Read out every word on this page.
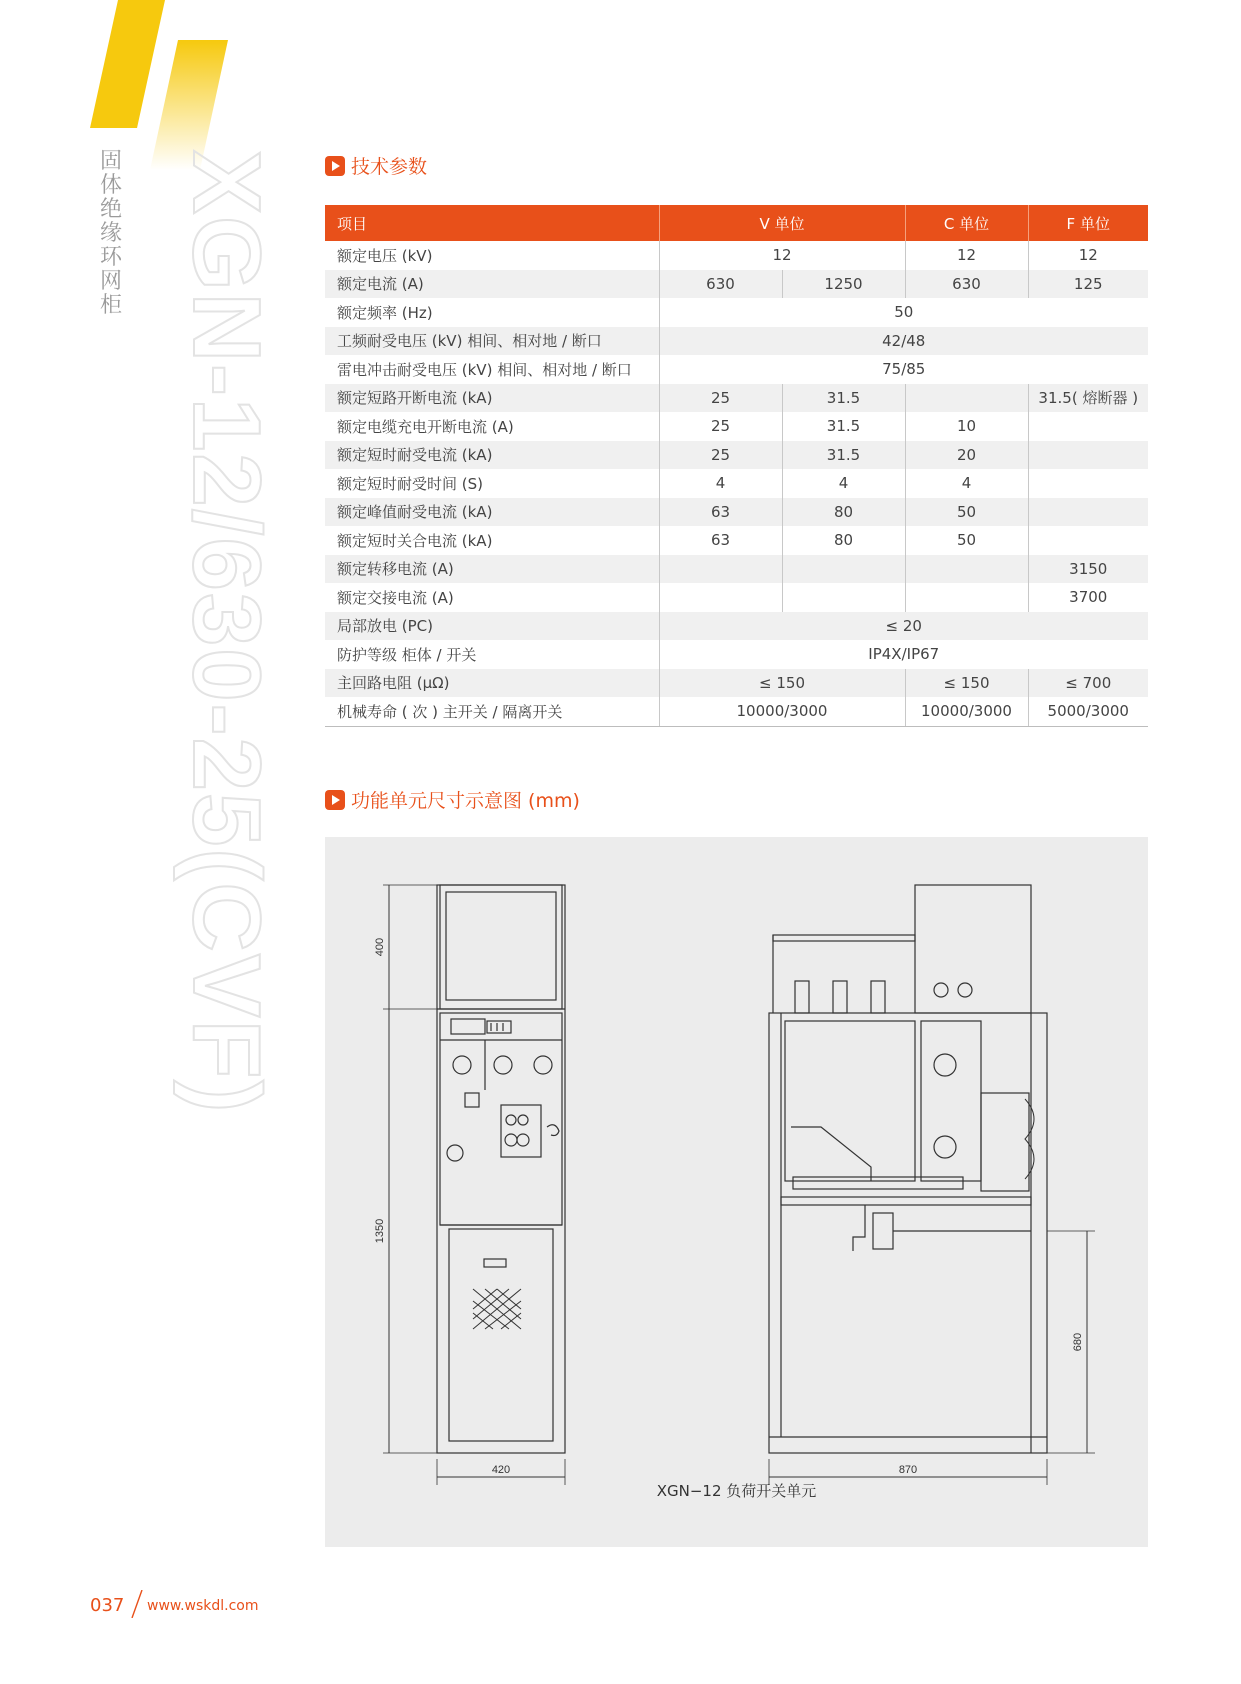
固
体
绝
缘
环
网
柜 XGN-12/630-25(CVF)	技术参数
项目	V 单位		C 单位	F 单位
额定电压 (kV)	12		12	12
额定电流 (A)	630	1250	630	125
额定频率 (Hz)	50			
工频耐受电压 (kV) 相间、相对地 / 断口	42/48			
雷电冲击耐受电压 (kV) 相间、相对地 / 断口	75/85			
额定短路开断电流 (kA)	25	31.5		31.5( 熔断器 )
额定电缆充电开断电流 (A)	25	31.5	10	
额定短时耐受电流 (kA)	25	31.5	20	
额定短时耐受时间 (S)	4	4	4	
额定峰值耐受电流 (kA)	63	80	50	
额定短时关合电流 (kA)	63	80	50	
额定转移电流 (A)				3150
额定交接电流 (A)				3700
局部放电 (PC)	≤ 20			
防护等级 柜体 / 开关	IP4X/IP67			
主回路电阻 (μΩ)	≤ 150		≤ 150	≤ 700
机械寿命 ( 次 ) 主开关 / 隔离开关	10000/3000		10000/3000	5000/3000
功能单元尺寸示意图 (mm)
400
1350
420	870
680
XGN−12 负荷开关单元
037 www.wskdl.com
